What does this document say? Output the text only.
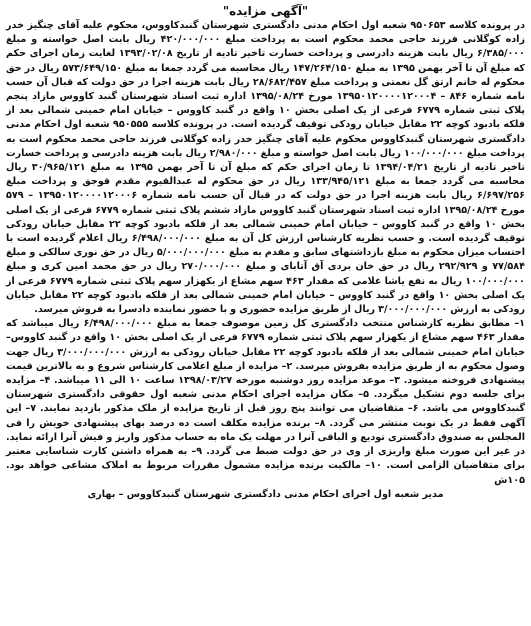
"آگهی مزایده"
در پرونده کلاسه ۹۵۰۶۵۳ شعبه اول احکام مدنی دادگستری شهرستان گنبدکاووس، محکوم علیه آقای چنگیز خدر زاده کوگلانی فرزند حاجی محمد محکوم است به پرداخت مبلغ ۴۲۰/۰۰۰/۰۰۰ ریال بابت اصل خواسته و مبلغ ۶/۳۸۵/۰۰۰ ریال بابت هزینه دادرسی و پرداخت خسارت تاخیر تادیه از تاریخ ۱۳۹۳/۰۲/۰۸ لغایت زمان اجرای حکم که مبلغ آن تا آخر بهمن ۱۳۹۵ به مبلغ ۱۴۷/۲۶۴/۱۵۰ ریال محاسبه می گردد جمعا به مبلغ ۵۷۳/۶۴۹/۱۵۰ ریال در حق محکوم له خانم ارتق گل نعمتی و پرداخت مبلغ ۲۸/۶۸۲/۴۵۷ ریال بابت هزینه اجرا در حق دولت که قبال آن حسب نامه شماره ۸۴۶ – ۱۳۹۵۰۱۲۰۰۰۰۱۲۰۰۰۴ مورخ ۱۳۹۵/۰۸/۲۴ اداره ثبت اسناد شهرستان گنبد کاووس مازاد پنجم پلاک ثبتی شماره ۶۷۷۹ فرعی از یک اصلی بخش ۱۰ واقع در گنبد کاووس – خیابان امام خمینی شمالی بعد از فلکه بادبود کوچه ۲۲ مقابل خیابان رودکی توقیف گردیده است. در پرونده کلاسه ۹۵۰۵۵۵ شعبه اول احکام مدنی دادگستری شهرستان گنبدکاووس محکوم علیه آقای چنگیز خدر زاده کوگلانی فرزند حاجی محمد محکوم است به پرداخت مبلغ ۱۰۰/۰۰۰/۰۰۰ ریال بابت اصل خواسته و مبلغ ۲/۹۸۰/۰۰۰ ریال بابت هزینه دادرسی و پرداخت خسارت تاخیر تادیه از تاریخ ۱۳۹۴/۰۴/۲۱ تا زمان اجرای حکم که مبلغ آن تا آخر بهمن ۱۳۹۵ به مبلغ ۳۰/۹۶۵/۱۲۱ ریال محاسبه می گردد جمعا به مبلغ ۱۳۳/۹۴۵/۱۲۱ ریال در حق محکوم له عبدالقیوم مقدم قوجق و پرداخت مبلغ ۶/۶۹۷/۲۵۶ ریال بابت هزینه اجرا در حق دولت که در قبال آن حسب نامه شماره ۱۳۹۵۰۱۲۰۰۰۰۱۲۰۰۰۶ – ۵۷۹ مورخ ۱۳۹۵/۰۸/۲۴ اداره ثبت اسناد شهرستان گنبد کاووس مازاد ششم پلاک ثبتی شماره ۶۷۷۹ فرعی از یک اصلی بخش ۱۰ واقع در گنبد کاووس – خیابان امام خمینی شمالی بعد از فلکه بادبود کوچه ۲۲ مقابل خیابان رودکی توقیف گردیده است. و حسب نظریه کارشناس ارزش کل آن به مبلغ ۶/۴۹۸/۰۰۰/۰۰۰ ریال اعلام گردیده است با احتساب میزان محکوم به مبلغ بازداشتهای سابق و مقدم به مبلغ ۵/۰۰۰/۰۰۰/۰۰۰ ریال در حق نوری سالکی و مبلغ ۷۷/۵۸۴ و ۲۹۲/۹۲۹ ریال در حق خان بردی آق آتابای و مبلغ ۲۷۰/۰۰۰/۰۰۰ ریال در حق محمد امین کری و مبلغ ۱۰۰/۰۰۰/۰۰۰ ریال به نفع یاشا غلامی که مقدار ۴۶۳ سهم مشاع از یکهزار سهم پلاک ثبتی شماره ۶۷۷۹ فرعی از یک اصلی بخش ۱۰ واقع در گنبد کاووس – خیابان امام خمینی شمالی بعد از فلکه بادبود کوچه ۲۲ مقابل خیابان رودکی به ارزش ۳/۰۰۰/۰۰۰/۰۰۰ ریال از طریق مزایده حضوری و با حضور نماینده دادسرا به فروش میرسد.
۱– مطابق نظریه کارشناس منتخب دادگستری کل زمین موصوف جمعا به مبلغ ۶/۴۹۸/۰۰۰/۰۰۰ ریال میباشد که مقدار ۴۶۳ سهم مشاع از یکهزار سهم پلاک ثبتی شماره ۶۷۷۹ فرعی از یک اصلی بخش ۱۰ واقع در گنبد کاووس– خیابان امام خمینی شمالی بعد از فلکه بادبود کوچه ۲۲ مقابل خیابان رودکی به ارزش ۳/۰۰۰/۰۰۰/۰۰۰ ریال جهت وصول محکوم به از طریق مزایده بفروش میرسد. ۲– مزایده از مبلغ اعلامی کارشناس شروع و به بالاترین قیمت پیشنهادی فروخته میشود. ۳– موعد مزایده روز دوشنبه مورخه ۱۳۹۸/۰۳/۲۷ ساعت ۱۰ الی ۱۱ میباشد. ۴– مزایده برای جلسه دوم تشکیل میگردد. ۵– مکان مزایده اجرای احکام مدنی شعبه اول حقوقی دادگستری شهرستان گنبدکاووس می باشد. ۶– متقاضیان می توانند پنج روز قبل از تاریخ مزایده از ملک مذکور بازدید نمایند. ۷– این آگهی فقط در یک نوبت منتشر می گردد. ۸– برنده مزایده مکلف است ده درصد بهای پیشنهادی خویش را فی المجلس به صندوق دادگستری تودیع و الباقی آنرا در مهلت یک ماه به حساب مذکور واریز و فیش آنرا ارائه نماید. در غیر این صورت مبلغ واریزی از وی در حق دولت ضبط می گردد. ۹– به همراه داشتن کارت شناسایی معتبر برای متقاضیان الزامی است. ۱۰– مالکیت برنده مزایده مشمول مقررات مربوط به املاک مشاعی خواهد بود. ۱۰۵ش
مدیر شعبه اول اجرای احکام مدنی دادگستری شهرستان گنبدکاووس – بهاری
